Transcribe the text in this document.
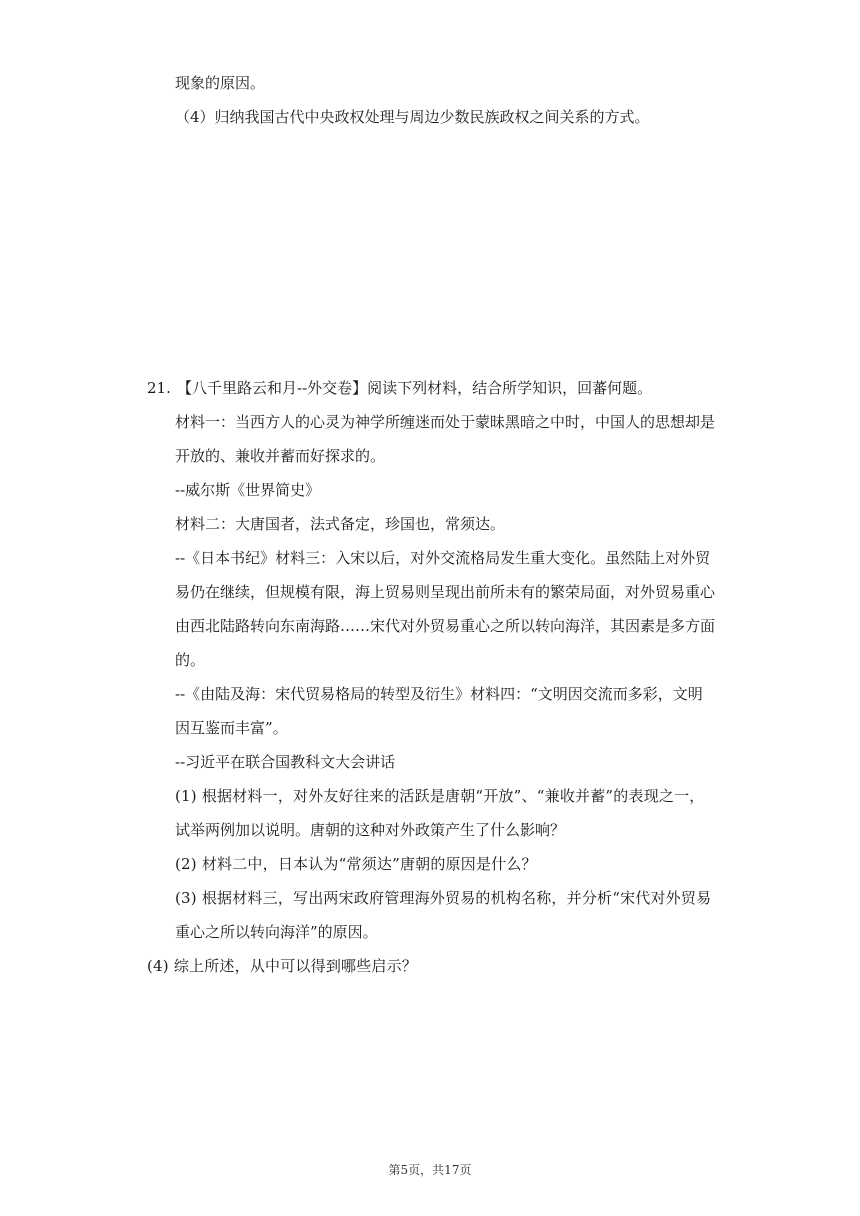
现象的原因。
（4）归纳我国古代中央政权处理与周边少数民族政权之间关系的方式。
21. 【八千里路云和月--外交卷】阅读下列材料，结合所学知识，回蕃何题。
材料一：当西方人的心灵为神学所缠迷而处于蒙昧黑暗之中时，中国人的思想却是
开放的、兼收并蓄而好探求的。
--威尔斯《世界简史》
材料二：大唐国者，法式备定，珍国也，常须达。
--《日本书纪》材料三：入宋以后，对外交流格局发生重大变化。虽然陆上对外贸
易仍在继续，但规模有限，海上贸易则呈现出前所未有的繁荣局面，对外贸易重心
由西北陆路转向东南海路……宋代对外贸易重心之所以转向海洋，其因素是多方面
的。
--《由陆及海：宋代贸易格局的转型及衍生》材料四：“文明因交流而多彩，文明
因互鉴而丰富”。
--习近平在联合国教科文大会讲话
(1) 根据材料一，对外友好往来的活跃是唐朝“开放”、“兼收并蓄”的表现之一，
试举两例加以说明。唐朝的这种对外政策产生了什么影响？
(2) 材料二中，日本认为“常须达”唐朝的原因是什么？
(3) 根据材料三，写出两宋政府管理海外贸易的机构名称，并分析“宋代对外贸易
重心之所以转向海洋”的原因。
(4) 综上所述，从中可以得到哪些启示？
第5页，共17页
